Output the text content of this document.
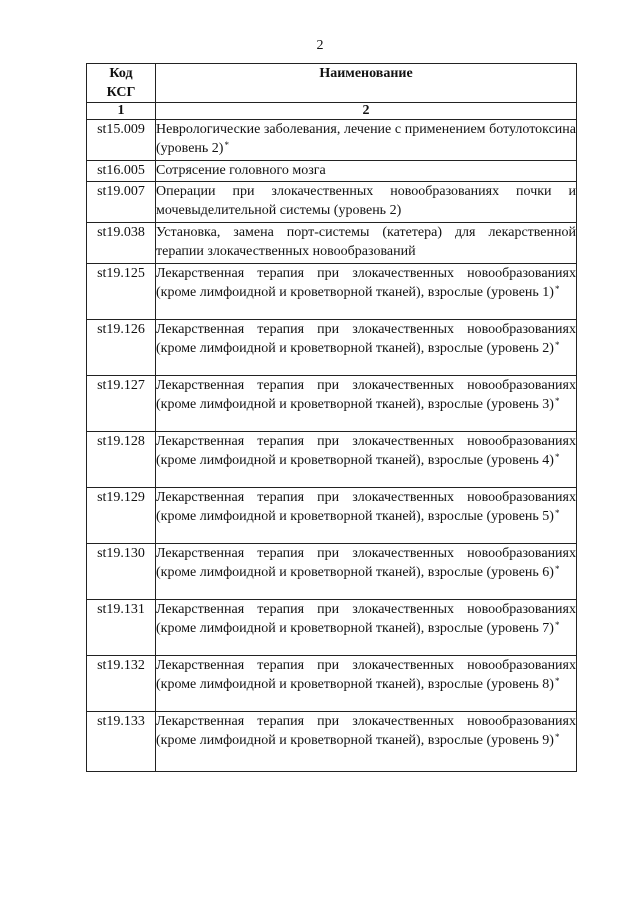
2
Код
КСГ	Наименование
1	2
st15.009	Неврологические заболевания, лечение с применением ботулотоксина (уровень 2)*
st16.005	Сотрясение головного мозга
st19.007	Операции при злокачественных новообразованиях почки и мочевыделительной системы (уровень 2)
st19.038	Установка, замена порт-системы (катетера) для лекарственной терапии злокачественных новообразований
st19.125	Лекарственная терапия при злокачественных новообразованиях (кроме лимфоидной и кроветворной тканей), взрослые (уровень 1)*
st19.126	Лекарственная терапия при злокачественных новообразованиях (кроме лимфоидной и кроветворной тканей), взрослые (уровень 2)*
st19.127	Лекарственная терапия при злокачественных новообразованиях (кроме лимфоидной и кроветворной тканей), взрослые (уровень 3)*
st19.128	Лекарственная терапия при злокачественных новообразованиях (кроме лимфоидной и кроветворной тканей), взрослые (уровень 4)*
st19.129	Лекарственная терапия при злокачественных новообразованиях (кроме лимфоидной и кроветворной тканей), взрослые (уровень 5)*
st19.130	Лекарственная терапия при злокачественных новообразованиях (кроме лимфоидной и кроветворной тканей), взрослые (уровень 6)*
st19.131	Лекарственная терапия при злокачественных новообразованиях (кроме лимфоидной и кроветворной тканей), взрослые (уровень 7)*
st19.132	Лекарственная терапия при злокачественных новообразованиях (кроме лимфоидной и кроветворной тканей), взрослые (уровень 8)*
st19.133	Лекарственная терапия при злокачественных новообразованиях (кроме лимфоидной и кроветворной тканей), взрослые (уровень 9)*
